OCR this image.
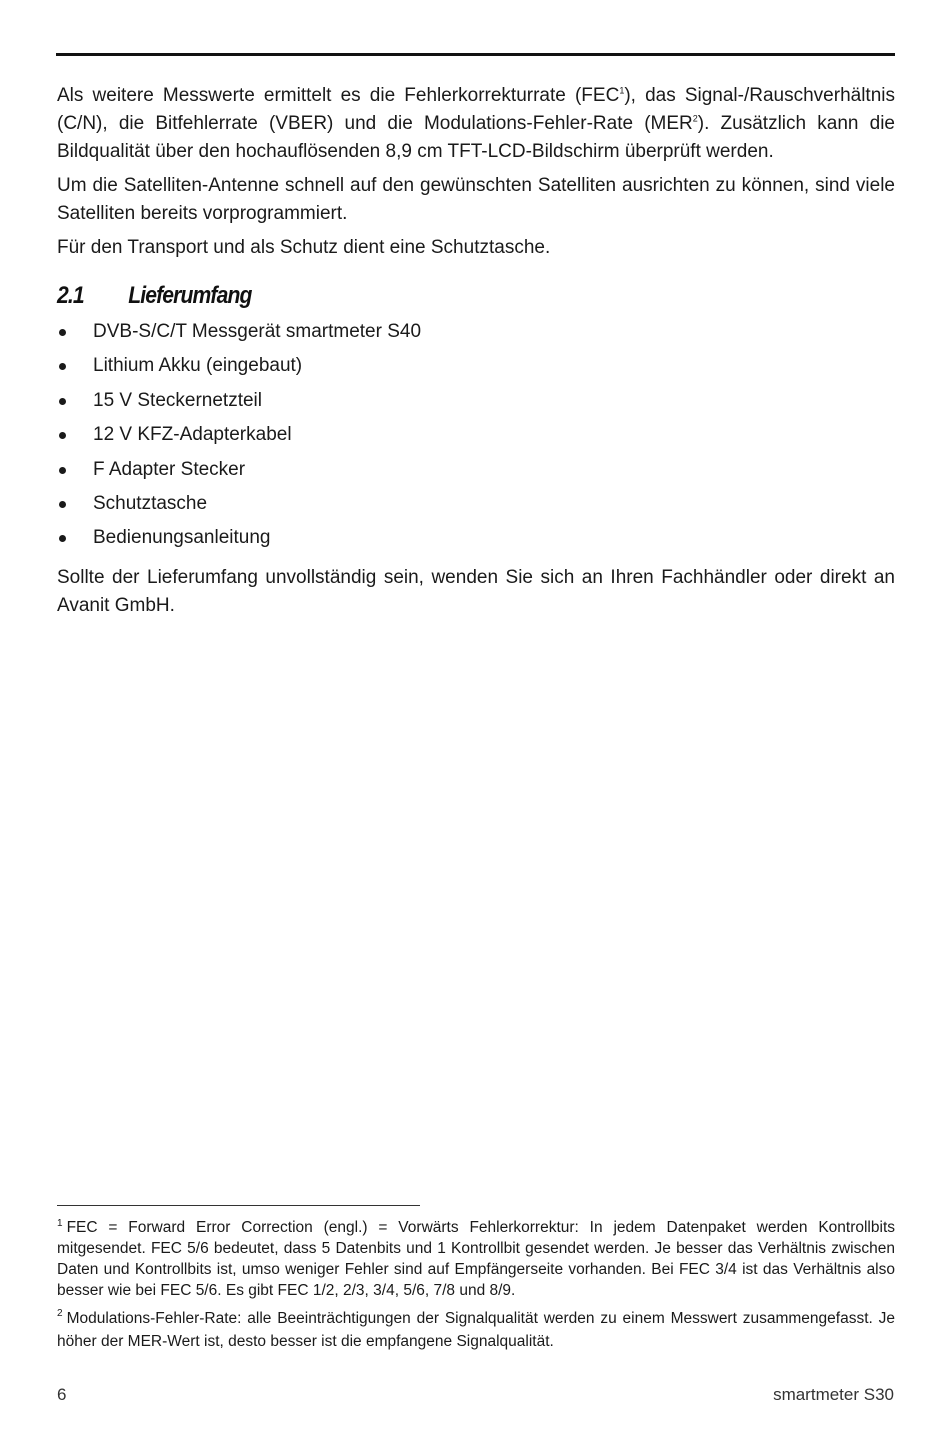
Als weitere Messwerte ermittelt es die Fehlerkorrekturrate (FEC$^1$), das Signal-/Rauschverhältnis (C/N), die Bitfehlerrate (VBER) und die Modulations-Fehler-Rate (MER$^2$). Zusätzlich kann die Bildqualität über den hochauflösenden 8,9 cm TFT-LCD-Bildschirm überprüft werden.

Um die Satelliten-Antenne schnell auf den gewünschten Satelliten ausrichten zu können, sind viele Satelliten bereits vorprogrammiert.

Für den Transport und als Schutz dient eine Schutztasche.

2.1 Lieferumfang
DVB-S/C/T Messgerät smartmeter S40
Lithium Akku (eingebaut)
15 V Steckernetzteil
12 V KFZ-Adapterkabel
F Adapter Stecker
Schutztasche
Bedienungsanleitung

Sollte der Lieferumfang unvollständig sein, wenden Sie sich an Ihren Fachhändler oder direkt an Avanit GmbH.

$^1$ FEC = Forward Error Correction (engl.) = Vorwärts Fehlerkorrektur: In jedem Datenpaket werden Kontrollbits mitgesendet. FEC 5/6 bedeutet, dass 5 Datenbits und 1 Kontrollbit gesendet werden. Je besser das Verhältnis zwischen Daten und Kontrollbits ist, umso weniger Fehler sind auf Empfängerseite vorhanden. Bei FEC 3/4 ist das Verhältnis also besser wie bei FEC 5/6. Es gibt FEC 1/2, 2/3, 3/4, 5/6, 7/8 und 8/9.

$^2$ Modulations-Fehler-Rate: alle Beeinträchtigungen der Signalqualität werden zu einem Messwert zusammengefasst. Je höher der MER-Wert ist, desto besser ist die empfangene Signalqualität.

6	smartmeter S30
